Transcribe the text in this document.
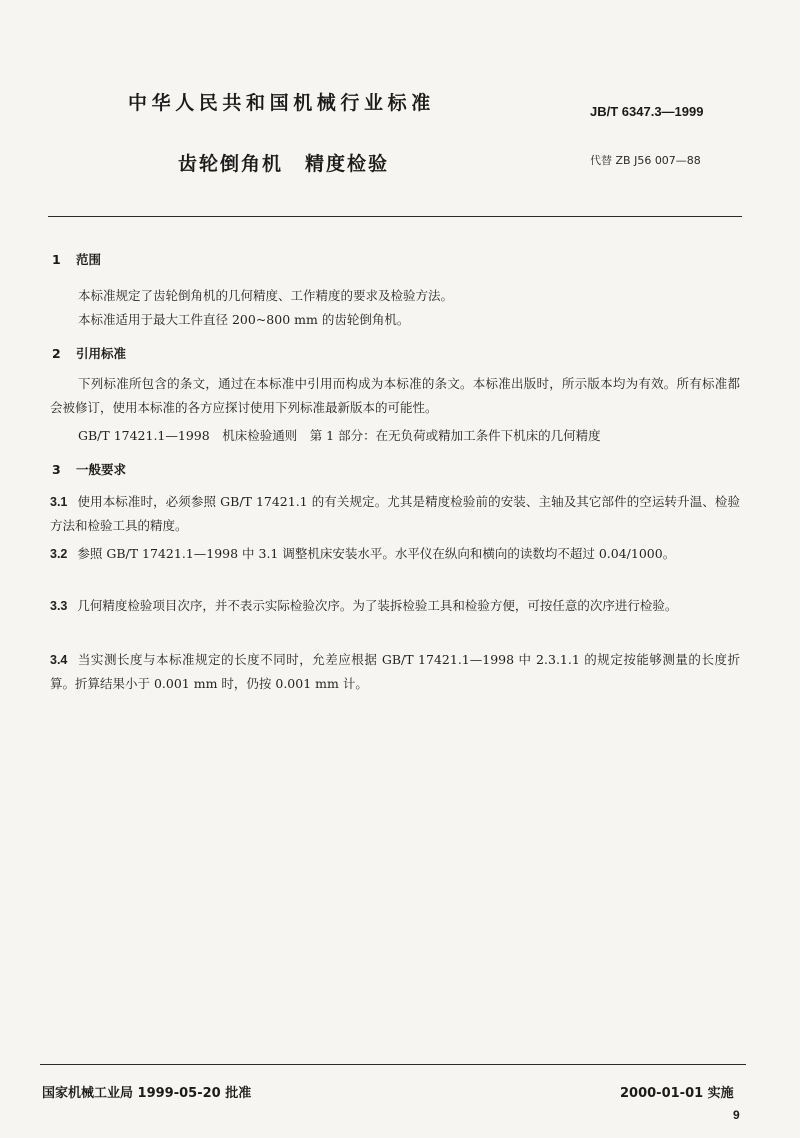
中华人民共和国机械行业标准	JB/T 6347.3—1999
齿轮倒角机 精度检验	代替 ZB J56 007—88
1 范围
本标准规定了齿轮倒角机的几何精度、工作精度的要求及检验方法。
本标准适用于最大工件直径 200~800 mm 的齿轮倒角机。
2 引用标准
下列标准所包含的条文，通过在本标准中引用而构成为本标准的条文。本标准出版时，所示版本均为有效。所有标准都会被修订，使用本标准的各方应探讨使用下列标准最新版本的可能性。
GB/T 17421.1—1998　机床检验通则　第 1 部分：在无负荷或精加工条件下机床的几何精度
3 一般要求
3.1 使用本标准时，必须参照 GB/T 17421.1 的有关规定。尤其是精度检验前的安装、主轴及其它部件的空运转升温、检验方法和检验工具的精度。
3.2 参照 GB/T 17421.1—1998 中 3.1 调整机床安装水平。水平仪在纵向和横向的读数均不超过 0.04/1000。
3.3 几何精度检验项目次序，并不表示实际检验次序。为了装拆检验工具和检验方便，可按任意的次序进行检验。
3.4 当实测长度与本标准规定的长度不同时，允差应根据 GB/T 17421.1—1998 中 2.3.1.1 的规定按能够测量的长度折算。折算结果小于 0.001 mm 时，仍按 0.001 mm 计。
国家机械工业局 1999-05-20 批准	2000-01-01 实施
9
